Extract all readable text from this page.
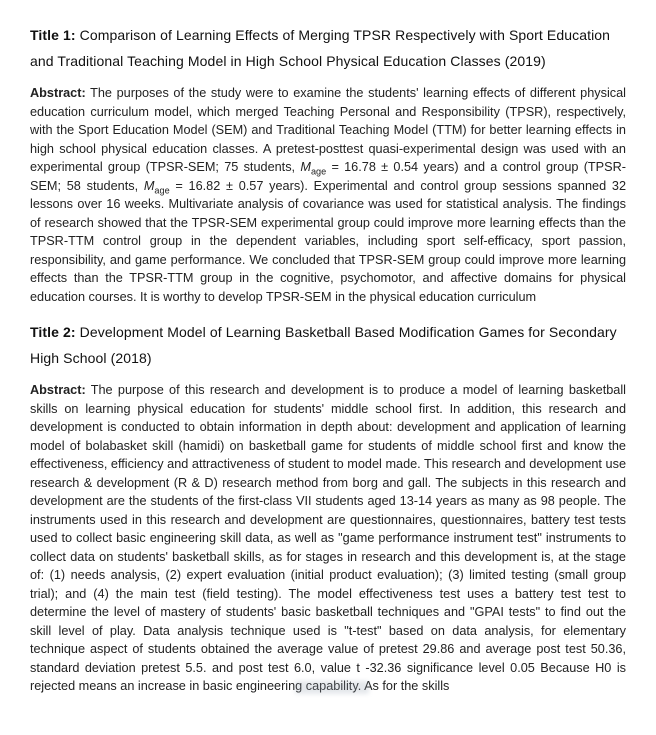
Title 1: Comparison of Learning Effects of Merging TPSR Respectively with Sport Education and Traditional Teaching Model in High School Physical Education Classes (2019)

Abstract: The purposes of the study were to examine the students' learning effects of different physical education curriculum model, which merged Teaching Personal and Responsibility (TPSR), respectively, with the Sport Education Model (SEM) and Traditional Teaching Model (TTM) for better learning effects in high school physical education classes. A pretest-posttest quasi-experimental design was used with an experimental group (TPSR-SEM; 75 students, $M_{age} = 16.78 \pm 0.54$ years) and a control group (TPSR-SEM; 58 students, $M_{age} = 16.82 \pm 0.57$ years). Experimental and control group sessions spanned 32 lessons over 16 weeks. Multivariate analysis of covariance was used for statistical analysis. The findings of research showed that the TPSR-SEM experimental group could improve more learning effects than the TPSR-TTM control group in the dependent variables, including sport self-efficacy, sport passion, responsibility, and game performance. We concluded that TPSR-SEM group could improve more learning effects than the TPSR-TTM group in the cognitive, psychomotor, and affective domains for physical education courses. It is worthy to develop TPSR-SEM in the physical education curriculum

Title 2: Development Model of Learning Basketball Based Modification Games for Secondary High School (2018)

Abstract: The purpose of this research and development is to produce a model of learning basketball skills on learning physical education for students' middle school first. In addition, this research and development is conducted to obtain information in depth about: development and application of learning model of bolabasket skill (hamidi) on basketball game for students of middle school first and know the effectiveness, efficiency and attractiveness of student to model made. This research and development use research & development (R & D) research method from borg and gall. The subjects in this research and development are the students of the first-class VII students aged 13-14 years as many as 98 people. The instruments used in this research and development are questionnaires, questionnaires, battery test tests used to collect basic engineering skill data, as well as "game performance instrument test" instruments to collect data on students' basketball skills, as for stages in research and this development is, at the stage of: (1) needs analysis, (2) expert evaluation (initial product evaluation); (3) limited testing (small group trial); and (4) the main test (field testing). The model effectiveness test uses a battery test test to determine the level of mastery of students' basic basketball techniques and "GPAI tests" to find out the skill level of play. Data analysis technique used is "t-test" based on data analysis, for elementary technique aspect of students obtained the average value of pretest 29.86 and average post test 50.36, standard deviation pretest 5.5. and post test 6.0, value t -32.36 significance level 0.05 Because H0 is rejected means an increase in basic engineering capability. As for the skills
